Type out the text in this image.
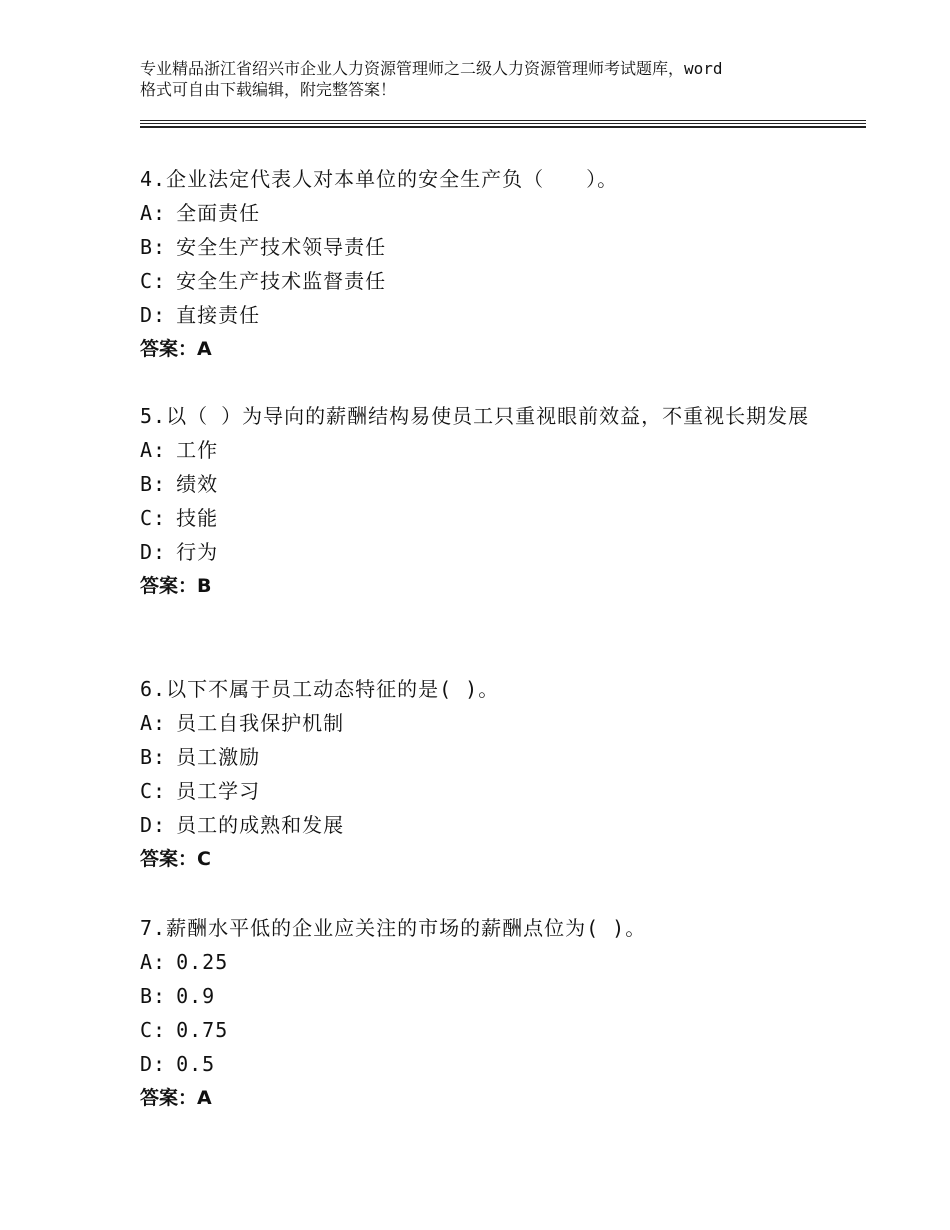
专业精品浙江省绍兴市企业人力资源管理师之二级人力资源管理师考试题库，word
格式可自由下载编辑，附完整答案！

4.企业法定代表人对本单位的安全生产负（　　）。

A: 全面责任

B: 安全生产技术领导责任

C: 安全生产技术监督责任

D: 直接责任

答案：A

5.以（ ）为导向的薪酬结构易使员工只重视眼前效益，不重视长期发展

A: 工作

B: 绩效

C: 技能

D: 行为

答案：B

6.以下不属于员工动态特征的是( )。

A: 员工自我保护机制

B: 员工激励

C: 员工学习

D: 员工的成熟和发展

答案：C

7.薪酬水平低的企业应关注的市场的薪酬点位为( )。

A: 0.25

B: 0.9

C: 0.75

D: 0.5

答案：A
